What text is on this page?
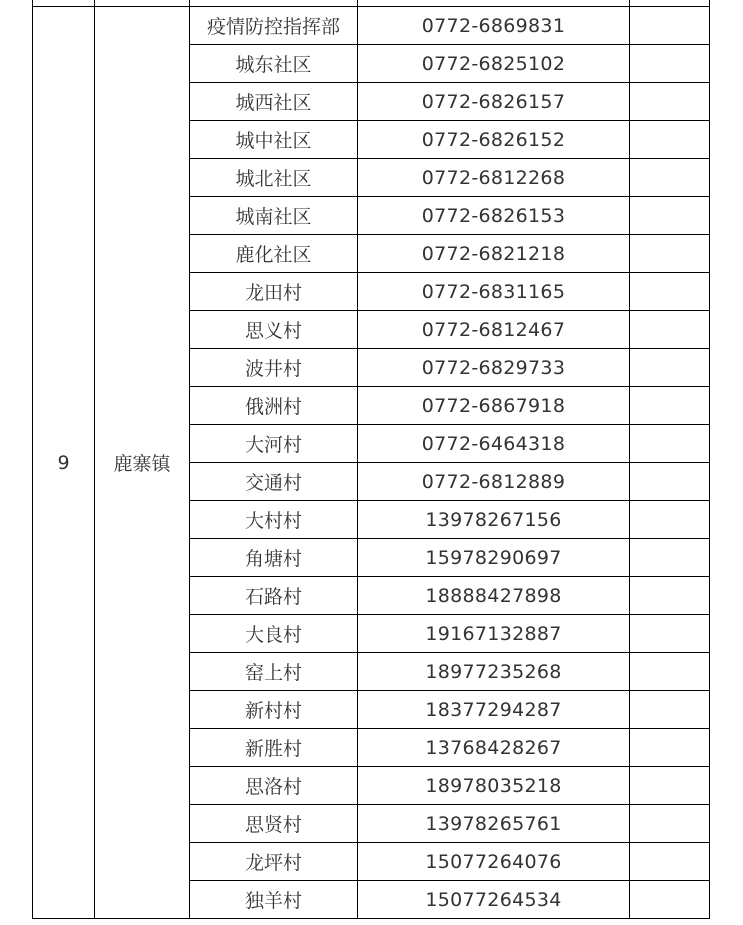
9	鹿寨镇	疫情防控指挥部	0772-6869831	
		城东社区	0772-6825102	
		城西社区	0772-6826157	
		城中社区	0772-6826152	
		城北社区	0772-6812268	
		城南社区	0772-6826153	
		鹿化社区	0772-6821218	
		龙田村	0772-6831165	
		思义村	0772-6812467	
		波井村	0772-6829733	
		俄洲村	0772-6867918	
		大河村	0772-6464318	
		交通村	0772-6812889	
		大村村	13978267156	
		角塘村	15978290697	
		石路村	18888427898	
		大良村	19167132887	
		窑上村	18977235268	
		新村村	18377294287	
		新胜村	13768428267	
		思洛村	18978035218	
		思贤村	13978265761	
		龙坪村	15077264076	
		独羊村	15077264534	
